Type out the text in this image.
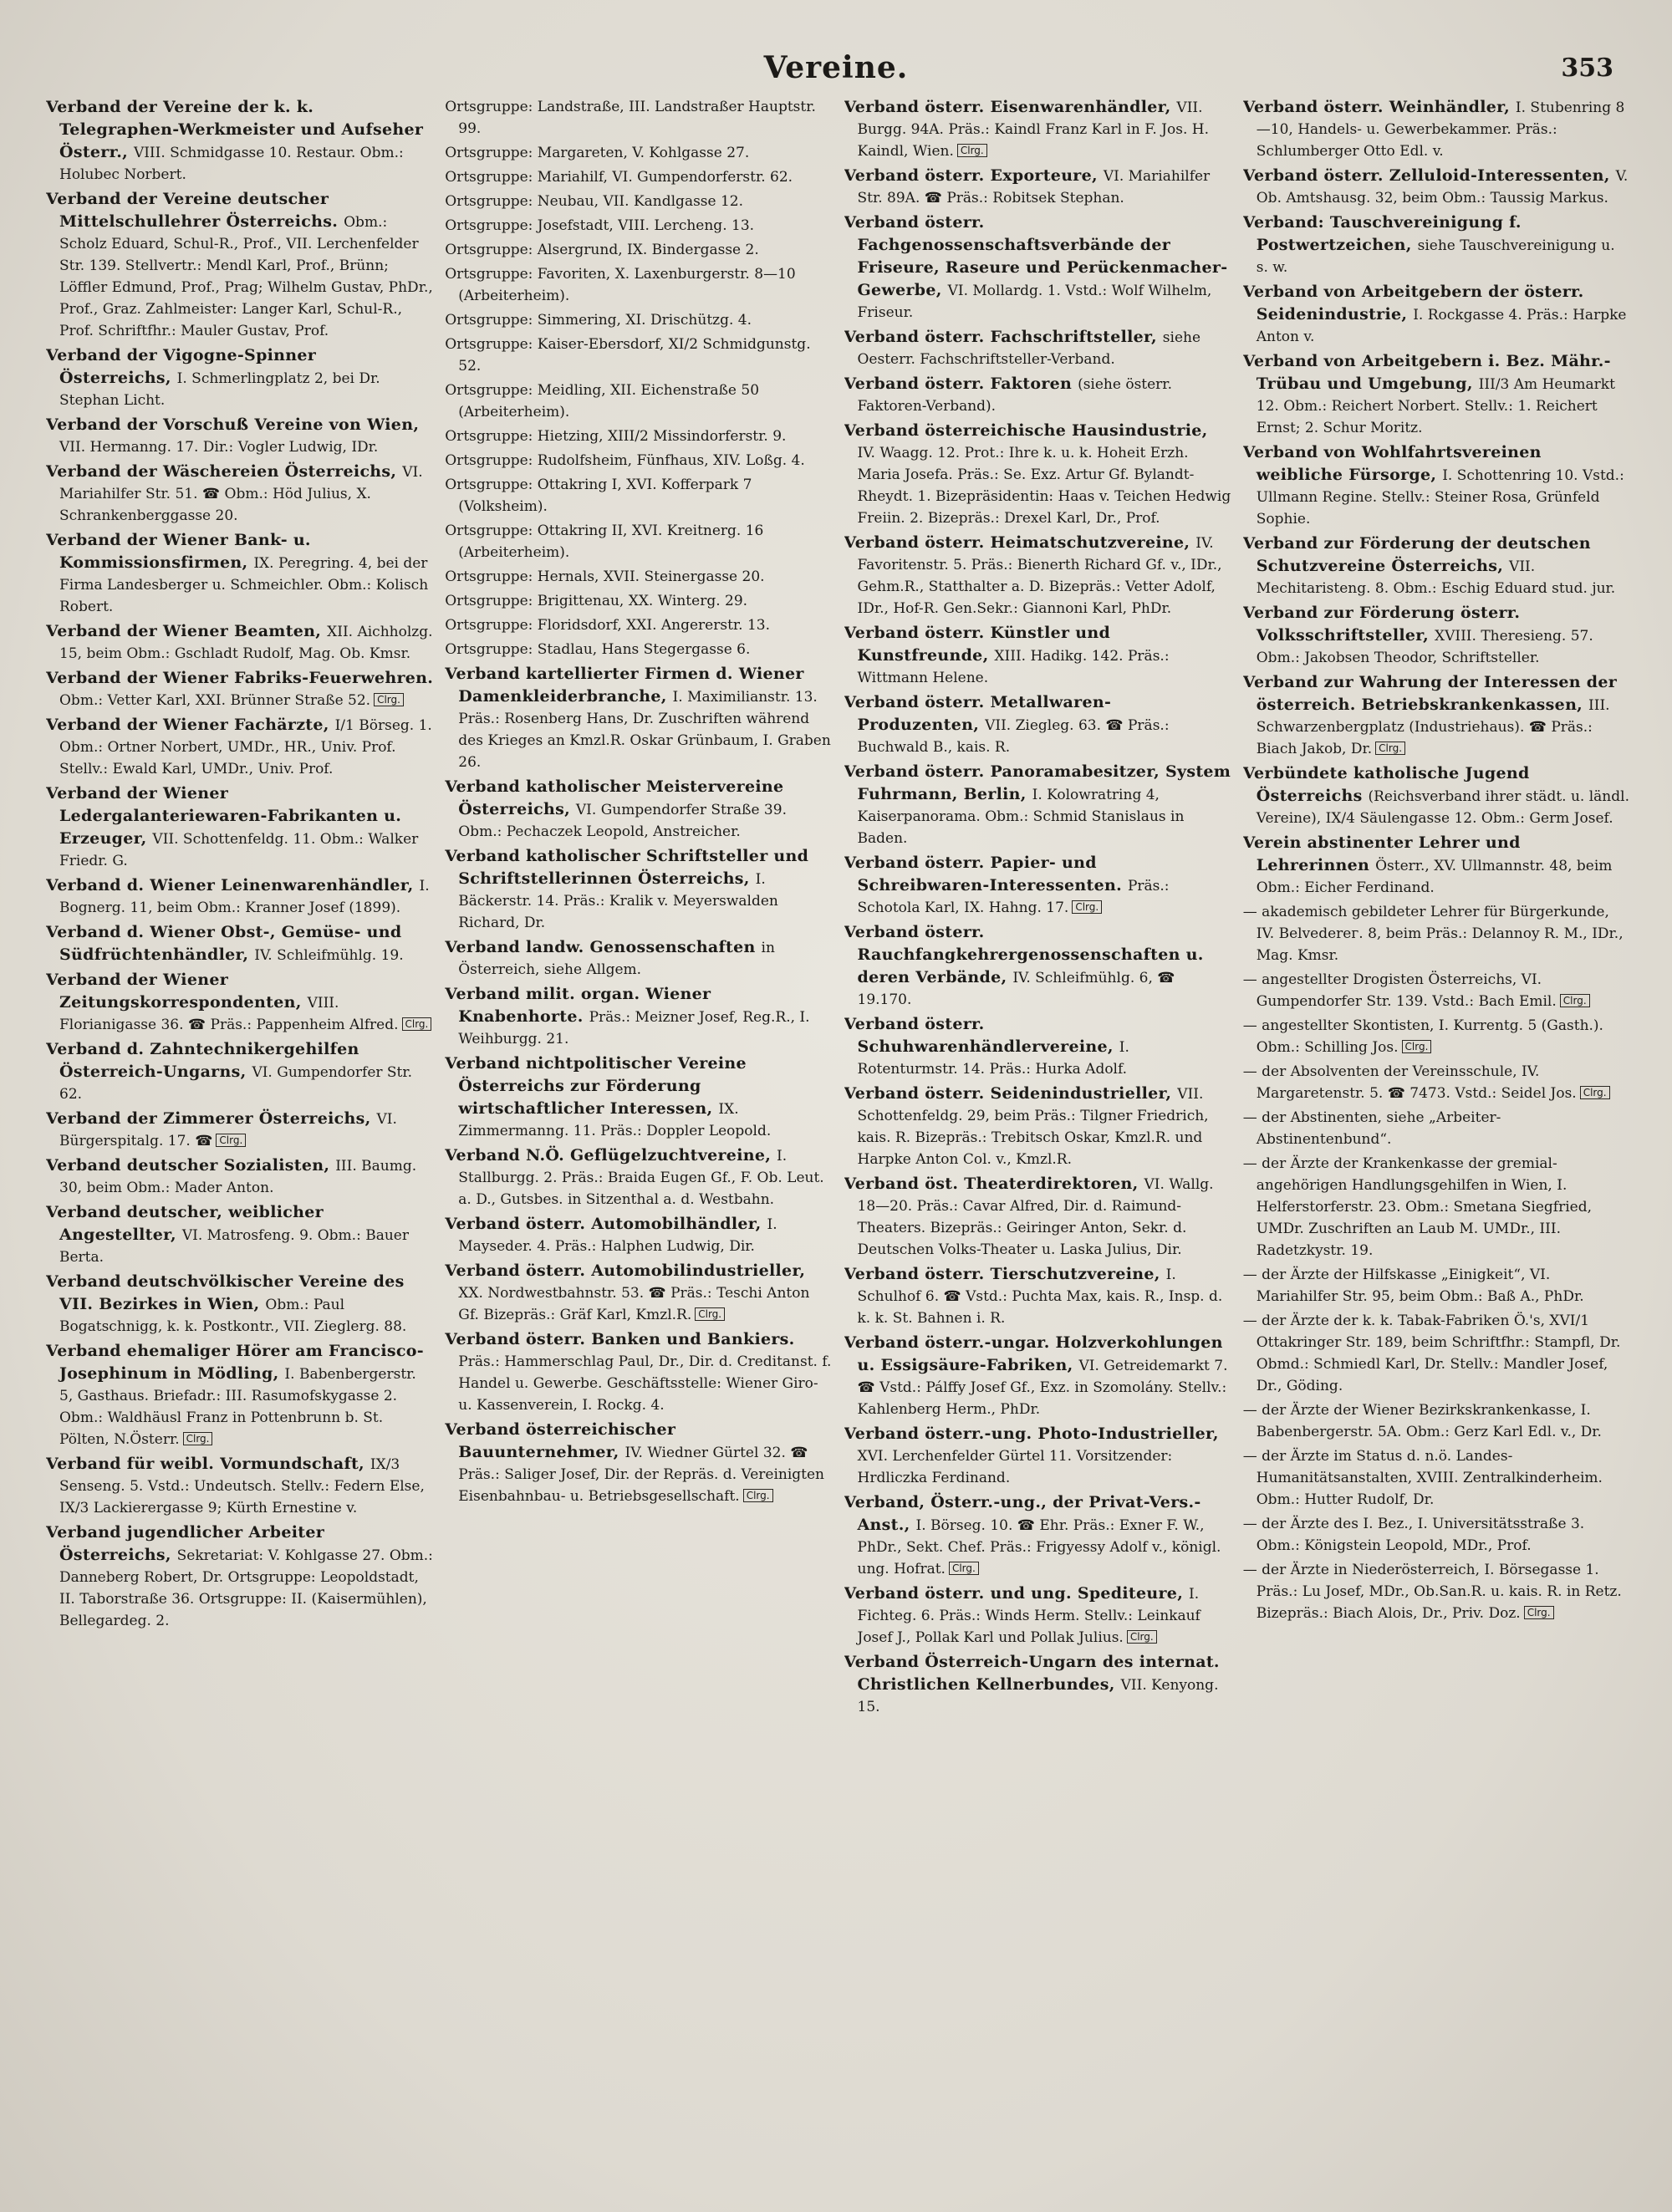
Vereine.	353
Verband der Vereine der k. k. Telegraphen-Werkmeister und Aufseher Österr., VIII. Schmidgasse 10. Restaur. Obm.: Holubec Norbert.
Verband der Vereine deutscher Mittelschullehrer Österreichs. Obm.: Scholz Eduard, Schul-R., Prof., VII. Lerchenfelder Str. 139. Stellvertr.: Mendl Karl, Prof., Brünn; Löffler Edmund, Prof., Prag; Wilhelm Gustav, PhDr., Prof., Graz. Zahlmeister: Langer Karl, Schul-R., Prof. Schriftfhr.: Mauler Gustav, Prof.
Verband der Vigogne-Spinner Österreichs, I. Schmerlingplatz 2, bei Dr. Stephan Licht.
Verband der Vorschuß Vereine von Wien, VII. Hermanng. 17. Dir.: Vogler Ludwig, IDr.
Verband der Wäschereien Österreichs, VI. Mariahilfer Str. 51. ☎ Obm.: Höd Julius, X. Schrankenberggasse 20.
Verband der Wiener Bank- u. Kommissionsfirmen, IX. Peregring. 4, bei der Firma Landesberger u. Schmeichler. Obm.: Kolisch Robert.
Verband der Wiener Beamten, XII. Aichholzg. 15, beim Obm.: Gschladt Rudolf, Mag. Ob. Kmsr.
Verband der Wiener Fabriks-Feuerwehren. Obm.: Vetter Karl, XXI. Brünner Straße 52. Clrg.
Verband der Wiener Fachärzte, I/1 Börseg. 1. Obm.: Ortner Norbert, UMDr., HR., Univ. Prof. Stellv.: Ewald Karl, UMDr., Univ. Prof.
Verband der Wiener Ledergalanteriewaren-Fabrikanten u. Erzeuger, VII. Schottenfeldg. 11. Obm.: Walker Friedr. G.
Verband d. Wiener Leinenwarenhändler, I. Bognerg. 11, beim Obm.: Kranner Josef (1899).
Verband d. Wiener Obst-, Gemüse- und Südfrüchtenhändler, IV. Schleifmühlg. 19.
Verband der Wiener Zeitungskorrespondenten, VIII. Florianigasse 36. ☎ Präs.: Pappenheim Alfred. Clrg.
Verband d. Zahntechnikergehilfen Österreich-Ungarns, VI. Gumpendorfer Str. 62.
Verband der Zimmerer Österreichs, VI. Bürgerspitalg. 17. ☎ Clrg.
Verband deutscher Sozialisten, III. Baumg. 30, beim Obm.: Mader Anton.
Verband deutscher, weiblicher Angestellter, VI. Matrosfeng. 9. Obm.: Bauer Berta.
Verband deutschvölkischer Vereine des VII. Bezirkes in Wien, Obm.: Paul Bogatschnigg, k. k. Postkontr., VII. Zieglerg. 88.
Verband ehemaliger Hörer am Francisco-Josephinum in Mödling, I. Babenbergerstr. 5, Gasthaus. Briefadr.: III. Rasumofskygasse 2. Obm.: Waldhäusl Franz in Pottenbrunn b. St. Pölten, N.Österr. Clrg.
Verband für weibl. Vormundschaft, IX/3 Senseng. 5. Vstd.: Undeutsch. Stellv.: Federn Else, IX/3 Lackierergasse 9; Kürth Ernestine v.
Verband jugendlicher Arbeiter Österreichs, Sekretariat: V. Kohlgasse 27. Obm.: Danneberg Robert, Dr. Ortsgruppe: Leopoldstadt, II. Taborstraße 36. Ortsgruppe: II. (Kaisermühlen), Bellegardeg. 2.
Ortsgruppe: Landstraße, III. Landstraßer Hauptstr. 99.
Ortsgruppe: Margareten, V. Kohlgasse 27.
Ortsgruppe: Mariahilf, VI. Gumpendorferstr. 62.
Ortsgruppe: Neubau, VII. Kandlgasse 12.
Ortsgruppe: Josefstadt, VIII. Lercheng. 13.
Ortsgruppe: Alsergrund, IX. Bindergasse 2.
Ortsgruppe: Favoriten, X. Laxenburgerstr. 8—10 (Arbeiterheim).
Ortsgruppe: Simmering, XI. Drischützg. 4.
Ortsgruppe: Kaiser-Ebersdorf, XI/2 Schmidgunstg. 52.
Ortsgruppe: Meidling, XII. Eichenstraße 50 (Arbeiterheim).
Ortsgruppe: Hietzing, XIII/2 Missindorferstr. 9.
Ortsgruppe: Rudolfsheim, Fünfhaus, XIV. Loßg. 4.
Ortsgruppe: Ottakring I, XVI. Kofferpark 7 (Volksheim).
Ortsgruppe: Ottakring II, XVI. Kreitnerg. 16 (Arbeiterheim).
Ortsgruppe: Hernals, XVII. Steinergasse 20.
Ortsgruppe: Brigittenau, XX. Winterg. 29.
Ortsgruppe: Floridsdorf, XXI. Angererstr. 13.
Ortsgruppe: Stadlau, Hans Stegergasse 6.
Verband kartellierter Firmen d. Wiener Damenkleiderbranche, I. Maximilianstr. 13. Präs.: Rosenberg Hans, Dr. Zuschriften während des Krieges an Kmzl.R. Oskar Grünbaum, I. Graben 26.
Verband katholischer Meistervereine Österreichs, VI. Gumpendorfer Straße 39. Obm.: Pechaczek Leopold, Anstreicher.
Verband katholischer Schriftsteller und Schriftstellerinnen Österreichs, I. Bäckerstr. 14. Präs.: Kralik v. Meyerswalden Richard, Dr.
Verband landw. Genossenschaften in Österreich, siehe Allgem.
Verband milit. organ. Wiener Knabenhorte. Präs.: Meizner Josef, Reg.R., I. Weihburgg. 21.
Verband nichtpolitischer Vereine Österreichs zur Förderung wirtschaftlicher Interessen, IX. Zimmermanng. 11. Präs.: Doppler Leopold.
Verband N.Ö. Geflügelzuchtvereine, I. Stallburgg. 2. Präs.: Braida Eugen Gf., F. Ob. Leut. a. D., Gutsbes. in Sitzenthal a. d. Westbahn.
Verband österr. Automobilhändler, I. Mayseder. 4. Präs.: Halphen Ludwig, Dir.
Verband österr. Automobilindustrieller, XX. Nordwestbahnstr. 53. ☎ Präs.: Teschi Anton Gf. Bizepräs.: Gräf Karl, Kmzl.R. Clrg.
Verband österr. Banken und Bankiers. Präs.: Hammerschlag Paul, Dr., Dir. d. Creditanst. f. Handel u. Gewerbe. Geschäftsstelle: Wiener Giro- u. Kassenverein, I. Rockg. 4.
Verband österreichischer Bauunternehmer, IV. Wiedner Gürtel 32. ☎ Präs.: Saliger Josef, Dir. der Repräs. d. Vereinigten Eisenbahnbau- u. Betriebsgesellschaft. Clrg.
Verband österr. Eisenwarenhändler, VII. Burgg. 94A. Präs.: Kaindl Franz Karl in F. Jos. H. Kaindl, Wien. Clrg.
Verband österr. Exporteure, VI. Mariahilfer Str. 89A. ☎ Präs.: Robitsek Stephan.
Verband österr. Fachgenossenschaftsverbände der Friseure, Raseure und Perückenmacher-Gewerbe, VI. Mollardg. 1. Vstd.: Wolf Wilhelm, Friseur.
Verband österr. Fachschriftsteller, siehe Oesterr. Fachschriftsteller-Verband.
Verband österr. Faktoren (siehe österr. Faktoren-Verband).
Verband österreichische Hausindustrie, IV. Waagg. 12. Prot.: Ihre k. u. k. Hoheit Erzh. Maria Josefa. Präs.: Se. Exz. Artur Gf. Bylandt-Rheydt. 1. Bizepräsidentin: Haas v. Teichen Hedwig Freiin. 2. Bizepräs.: Drexel Karl, Dr., Prof.
Verband österr. Heimatschutzvereine, IV. Favoritenstr. 5. Präs.: Bienerth Richard Gf. v., IDr., Gehm.R., Statthalter a. D. Bizepräs.: Vetter Adolf, IDr., Hof-R. Gen.Sekr.: Giannoni Karl, PhDr.
Verband österr. Künstler und Kunstfreunde, XIII. Hadikg. 142. Präs.: Wittmann Helene.
Verband österr. Metallwaren-Produzenten, VII. Ziegleg. 63. ☎ Präs.: Buchwald B., kais. R.
Verband österr. Panoramabesitzer, System Fuhrmann, Berlin, I. Kolowratring 4, Kaiserpanorama. Obm.: Schmid Stanislaus in Baden.
Verband österr. Papier- und Schreibwaren-Interessenten. Präs.: Schotola Karl, IX. Hahng. 17. Clrg.
Verband österr. Rauchfangkehrergenossenschaften u. deren Verbände, IV. Schleifmühlg. 6, ☎ 19.170.
Verband österr. Schuhwarenhändlervereine, I. Rotenturmstr. 14. Präs.: Hurka Adolf.
Verband österr. Seidenindustrieller, VII. Schottenfeldg. 29, beim Präs.: Tilgner Friedrich, kais. R. Bizepräs.: Trebitsch Oskar, Kmzl.R. und Harpke Anton Col. v., Kmzl.R.
Verband öst. Theaterdirektoren, VI. Wallg. 18—20. Präs.: Cavar Alfred, Dir. d. Raimund-Theaters. Bizepräs.: Geiringer Anton, Sekr. d. Deutschen Volks-Theater u. Laska Julius, Dir.
Verband österr. Tierschutzvereine, I. Schulhof 6. ☎ Vstd.: Puchta Max, kais. R., Insp. d. k. k. St. Bahnen i. R.
Verband österr.-ungar. Holzverkohlungen u. Essigsäure-Fabriken, VI. Getreidemarkt 7. ☎ Vstd.: Pálffy Josef Gf., Exz. in Szomolány. Stellv.: Kahlenberg Herm., PhDr.
Verband österr.-ung. Photo-Industrieller, XVI. Lerchenfelder Gürtel 11. Vorsitzender: Hrdliczka Ferdinand.
Verband, Österr.-ung., der Privat-Vers.-Anst., I. Börseg. 10. ☎ Ehr. Präs.: Exner F. W., PhDr., Sekt. Chef. Präs.: Frigyessy Adolf v., königl. ung. Hofrat. Clrg.
Verband österr. und ung. Spediteure, I. Fichteg. 6. Präs.: Winds Herm. Stellv.: Leinkauf Josef J., Pollak Karl und Pollak Julius. Clrg.
Verband Österreich-Ungarn des internat. Christlichen Kellnerbundes, VII. Kenyong. 15.
Verband österr. Weinhändler, I. Stubenring 8—10, Handels- u. Gewerbekammer. Präs.: Schlumberger Otto Edl. v.
Verband österr. Zelluloid-Interessenten, V. Ob. Amtshausg. 32, beim Obm.: Taussig Markus.
Verband: Tauschvereinigung f. Postwertzeichen, siehe Tauschvereinigung u. s. w.
Verband von Arbeitgebern der österr. Seidenindustrie, I. Rockgasse 4. Präs.: Harpke Anton v.
Verband von Arbeitgebern i. Bez. Mähr.-Trübau und Umgebung, III/3 Am Heumarkt 12. Obm.: Reichert Norbert. Stellv.: 1. Reichert Ernst; 2. Schur Moritz.
Verband von Wohlfahrtsvereinen weibliche Fürsorge, I. Schottenring 10. Vstd.: Ullmann Regine. Stellv.: Steiner Rosa, Grünfeld Sophie.
Verband zur Förderung der deutschen Schutzvereine Österreichs, VII. Mechitaristeng. 8. Obm.: Eschig Eduard stud. jur.
Verband zur Förderung österr. Volksschriftsteller, XVIII. Theresieng. 57. Obm.: Jakobsen Theodor, Schriftsteller.
Verband zur Wahrung der Interessen der österreich. Betriebskrankenkassen, III. Schwarzenbergplatz (Industriehaus). ☎ Präs.: Biach Jakob, Dr. Clrg.
Verbündete katholische Jugend Österreichs (Reichsverband ihrer städt. u. ländl. Vereine), IX/4 Säulengasse 12. Obm.: Germ Josef.
Verein abstinenter Lehrer und Lehrerinnen Österr., XV. Ullmannstr. 48, beim Obm.: Eicher Ferdinand.
— akademisch gebildeter Lehrer für Bürgerkunde, IV. Belvederег. 8, beim Präs.: Delannoy R. M., IDr., Mag. Kmsr.
— angestellter Drogisten Österreichs, VI. Gumpendorfer Str. 139. Vstd.: Bach Emil. Clrg.
— angestellter Skontisten, I. Kurrentg. 5 (Gasth.). Obm.: Schilling Jos. Clrg.
— der Absolventen der Vereinsschule, IV. Margaretenstr. 5. ☎ 7473. Vstd.: Seidel Jos. Clrg.
— der Abstinenten, siehe „Arbeiter-Abstinentenbund“.
— der Ärzte der Krankenkasse der gremial-angehörigen Handlungsgehilfen in Wien, I. Helferstorferstr. 23. Obm.: Smetana Siegfried, UMDr. Zuschriften an Laub M. UMDr., III. Radetzkystr. 19.
— der Ärzte der Hilfskasse „Einigkeit“, VI. Mariahilfer Str. 95, beim Obm.: Baß A., PhDr.
— der Ärzte der k. k. Tabak-Fabriken Ö.'s, XVI/1 Ottakringer Str. 189, beim Schriftfhr.: Stampfl, Dr. Obmd.: Schmiedl Karl, Dr. Stellv.: Mandler Josef, Dr., Göding.
— der Ärzte der Wiener Bezirkskrankenkasse, I. Babenbergerstr. 5A. Obm.: Gerz Karl Edl. v., Dr.
— der Ärzte im Status d. n.ö. Landes-Humanitätsanstalten, XVIII. Zentralkinderheim. Obm.: Hutter Rudolf, Dr.
— der Ärzte des I. Bez., I. Universitätsstraße 3. Obm.: Königstein Leopold, MDr., Prof.
— der Ärzte in Niederösterreich, I. Börsegasse 1. Präs.: Lu Josef, MDr., Ob.San.R. u. kais. R. in Retz. Bizepräs.: Biach Alois, Dr., Priv. Doz. Clrg.
